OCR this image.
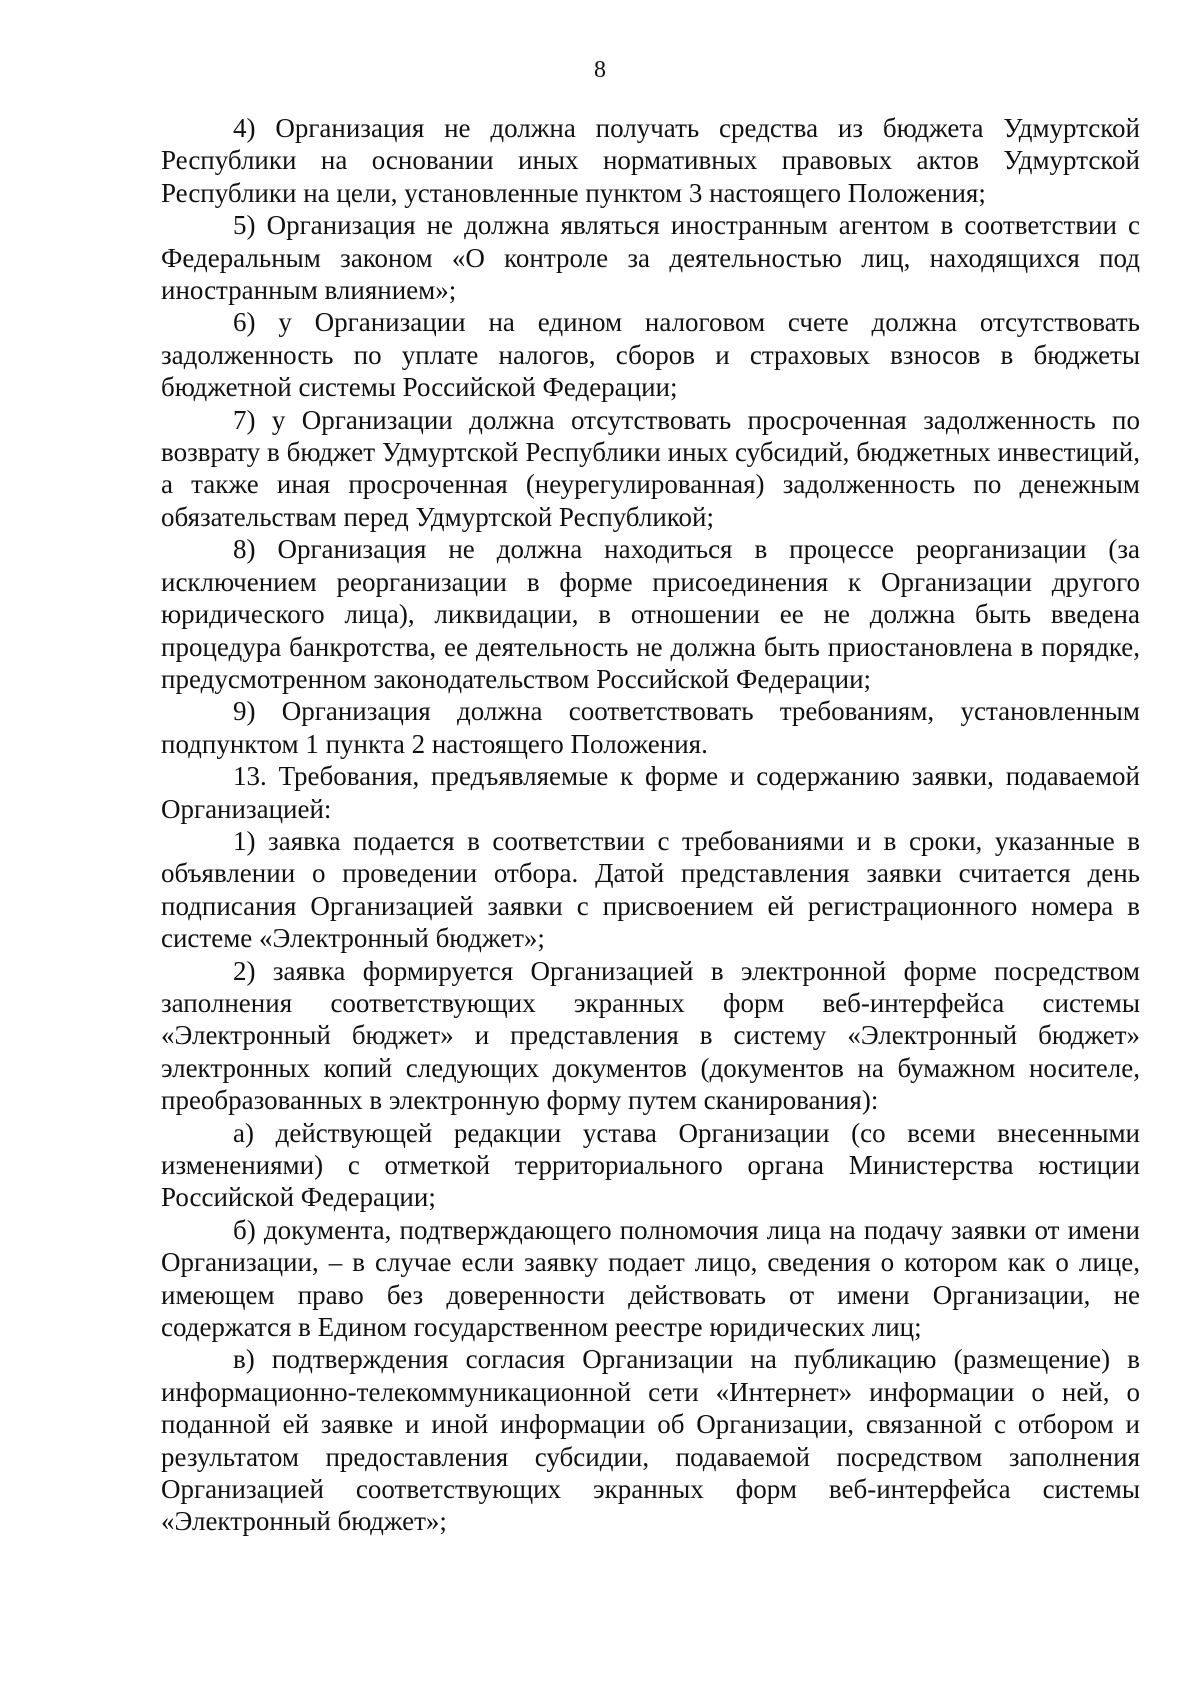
8

4) Организация не должна получать средства из бюджета Удмуртской Республики на основании иных нормативных правовых актов Удмуртской Республики на цели, установленные пунктом 3 настоящего Положения;

5) Организация не должна являться иностранным агентом в соответствии с Федеральным законом «О контроле за деятельностью лиц, находящихся под иностранным влиянием»;

6) у Организации на едином налоговом счете должна отсутствовать задолженность по уплате налогов, сборов и страховых взносов в бюджеты бюджетной системы Российской Федерации;

7) у Организации должна отсутствовать просроченная задолженность по возврату в бюджет Удмуртской Республики иных субсидий, бюджетных инвестиций, а также иная просроченная (неурегулированная) задолженность по денежным обязательствам перед Удмуртской Республикой;

8) Организация не должна находиться в процессе реорганизации (за исключением реорганизации в форме присоединения к Организации другого юридического лица), ликвидации, в отношении ее не должна быть введена процедура банкротства, ее деятельность не должна быть приостановлена в порядке, предусмотренном законодательством Российской Федерации;

9) Организация должна соответствовать требованиям, установленным подпунктом 1 пункта 2 настоящего Положения.

13. Требования, предъявляемые к форме и содержанию заявки, подаваемой Организацией:

1) заявка подается в соответствии с требованиями и в сроки, указанные в объявлении о проведении отбора. Датой представления заявки считается день подписания Организацией заявки с присвоением ей регистрационного номера в системе «Электронный бюджет»;

2) заявка формируется Организацией в электронной форме посредством заполнения соответствующих экранных форм веб-интерфейса системы «Электронный бюджет» и представления в систему «Электронный бюджет» электронных копий следующих документов (документов на бумажном носителе, преобразованных в электронную форму путем сканирования):

а) действующей редакции устава Организации (со всеми внесенными изменениями) с отметкой территориального органа Министерства юстиции Российской Федерации;

б) документа, подтверждающего полномочия лица на подачу заявки от имени Организации, – в случае если заявку подает лицо, сведения о котором как о лице, имеющем право без доверенности действовать от имени Организации, не содержатся в Едином государственном реестре юридических лиц;

в) подтверждения согласия Организации на публикацию (размещение) в информационно-телекоммуникационной сети «Интернет» информации о ней, о поданной ей заявке и иной информации об Организации, связанной с отбором и результатом предоставления субсидии, подаваемой посредством заполнения Организацией соответствующих экранных форм веб-интерфейса системы «Электронный бюджет»;
